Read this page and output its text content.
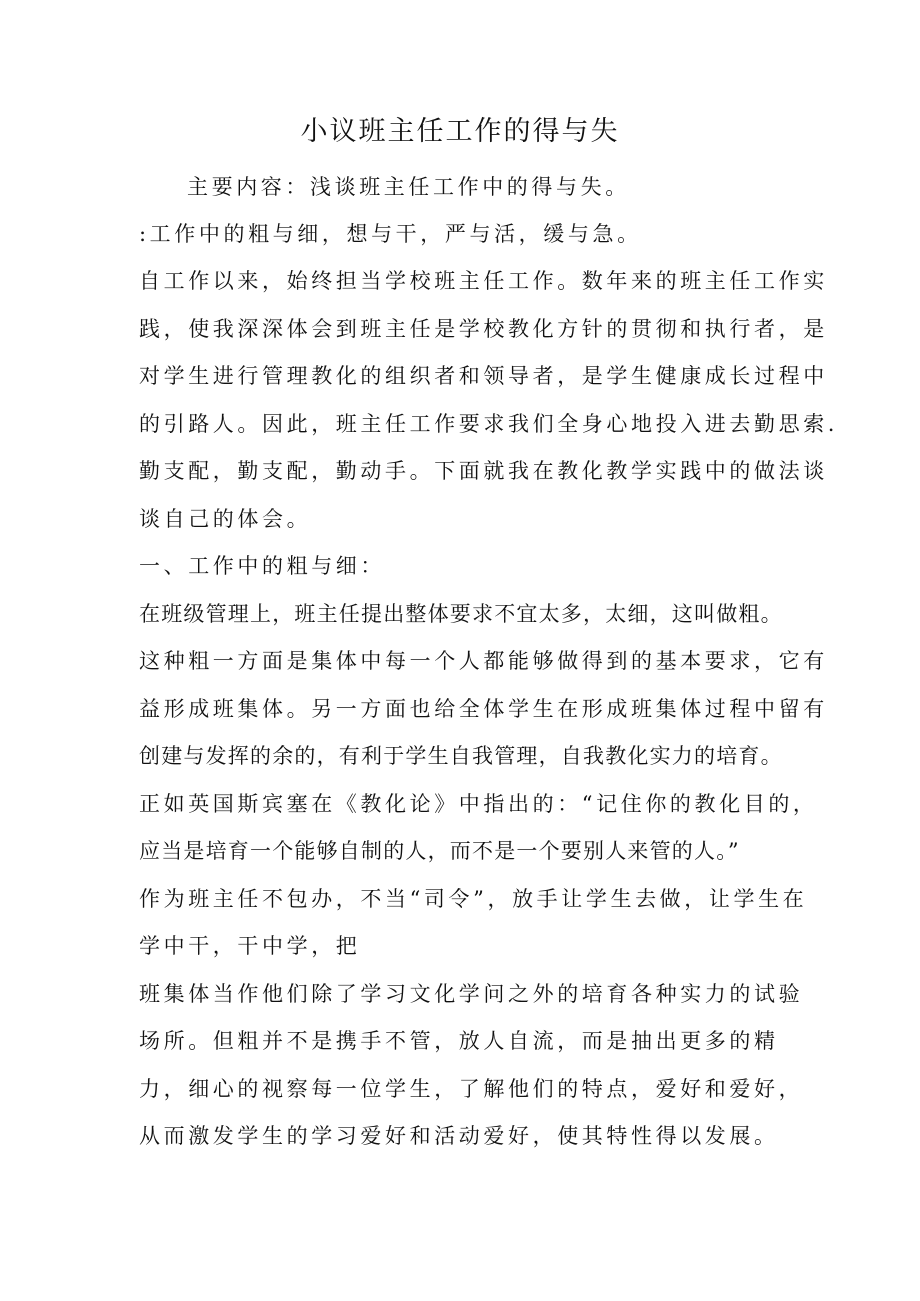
小议班主任工作的得与失
主要内容：浅谈班主任工作中的得与失。
:工作中的粗与细，想与干，严与活，缓与急。
自工作以来，始终担当学校班主任工作。数年来的班主任工作实
践，使我深深体会到班主任是学校教化方针的贯彻和执行者，是
对学生进行管理教化的组织者和领导者，是学生健康成长过程中
的引路人。因此，班主任工作要求我们全身心地投入进去勤思索.
勤支配，勤支配，勤动手。下面就我在教化教学实践中的做法谈
谈自己的体会。
一、工作中的粗与细：
在班级管理上，班主任提出整体要求不宜太多，太细，这叫做粗。
这种粗一方面是集体中每一个人都能够做得到的基本要求，它有
益形成班集体。另一方面也给全体学生在形成班集体过程中留有
创建与发挥的余的，有利于学生自我管理，自我教化实力的培育。
正如英国斯宾塞在《教化论》中指出的：“记住你的教化目的，
应当是培育一个能够自制的人，而不是一个要别人来管的人。”
作为班主任不包办，不当“司令”，放手让学生去做，让学生在
学中干，干中学，把
班集体当作他们除了学习文化学问之外的培育各种实力的试验
场所。但粗并不是携手不管，放人自流，而是抽出更多的精
力，细心的视察每一位学生，了解他们的特点，爱好和爱好，
从而激发学生的学习爱好和活动爱好，使其特性得以发展。
